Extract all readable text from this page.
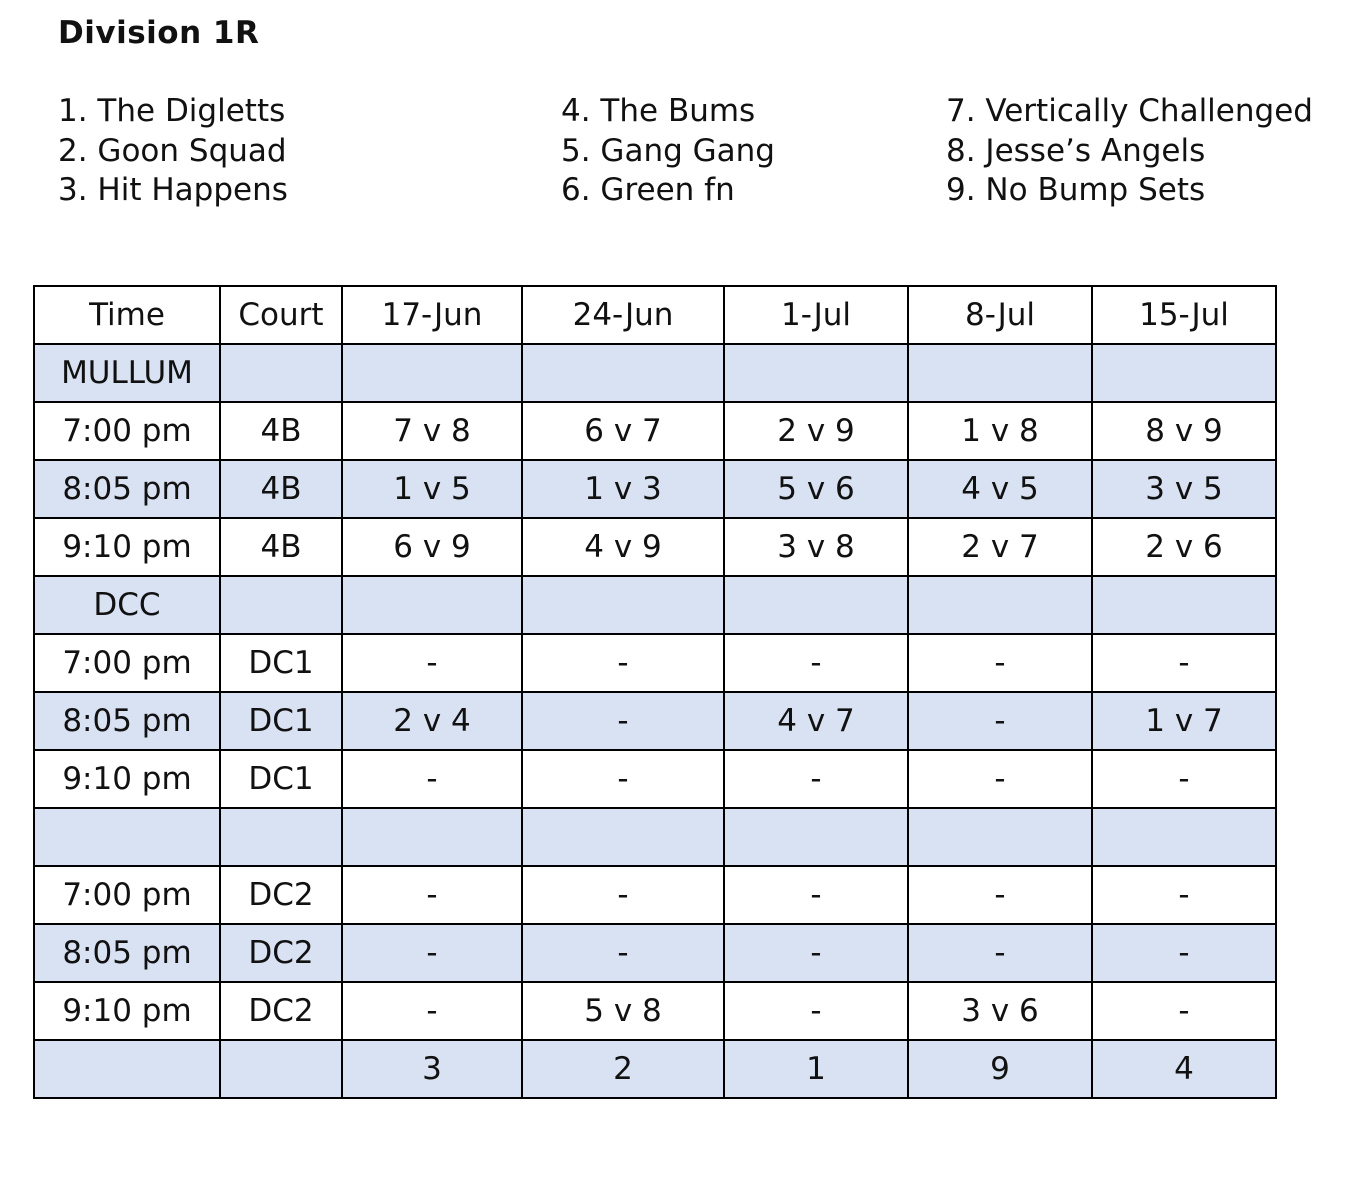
Division 1R
1. The Digletts
2. Goon Squad
3. Hit Happens
4. The Bums
5. Gang Gang
6. Green fn
7. Vertically Challenged
8. Jesse’s Angels
9. No Bump Sets
Time	Court	17-Jun	24-Jun	1-Jul	8-Jul	15-Jul
MULLUM						
7:00 pm	4B	7 v 8	6 v 7	2 v 9	1 v 8	8 v 9
8:05 pm	4B	1 v 5	1 v 3	5 v 6	4 v 5	3 v 5
9:10 pm	4B	6 v 9	4 v 9	3 v 8	2 v 7	2 v 6
DCC						
7:00 pm	DC1	-	-	-	-	-
8:05 pm	DC1	2 v 4	-	4 v 7	-	1 v 7
9:10 pm	DC1	-	-	-	-	-

7:00 pm	DC2	-	-	-	-	-
8:05 pm	DC2	-	-	-	-	-
9:10 pm	DC2	-	5 v 8	-	3 v 6	-
		3	2	1	9	4
